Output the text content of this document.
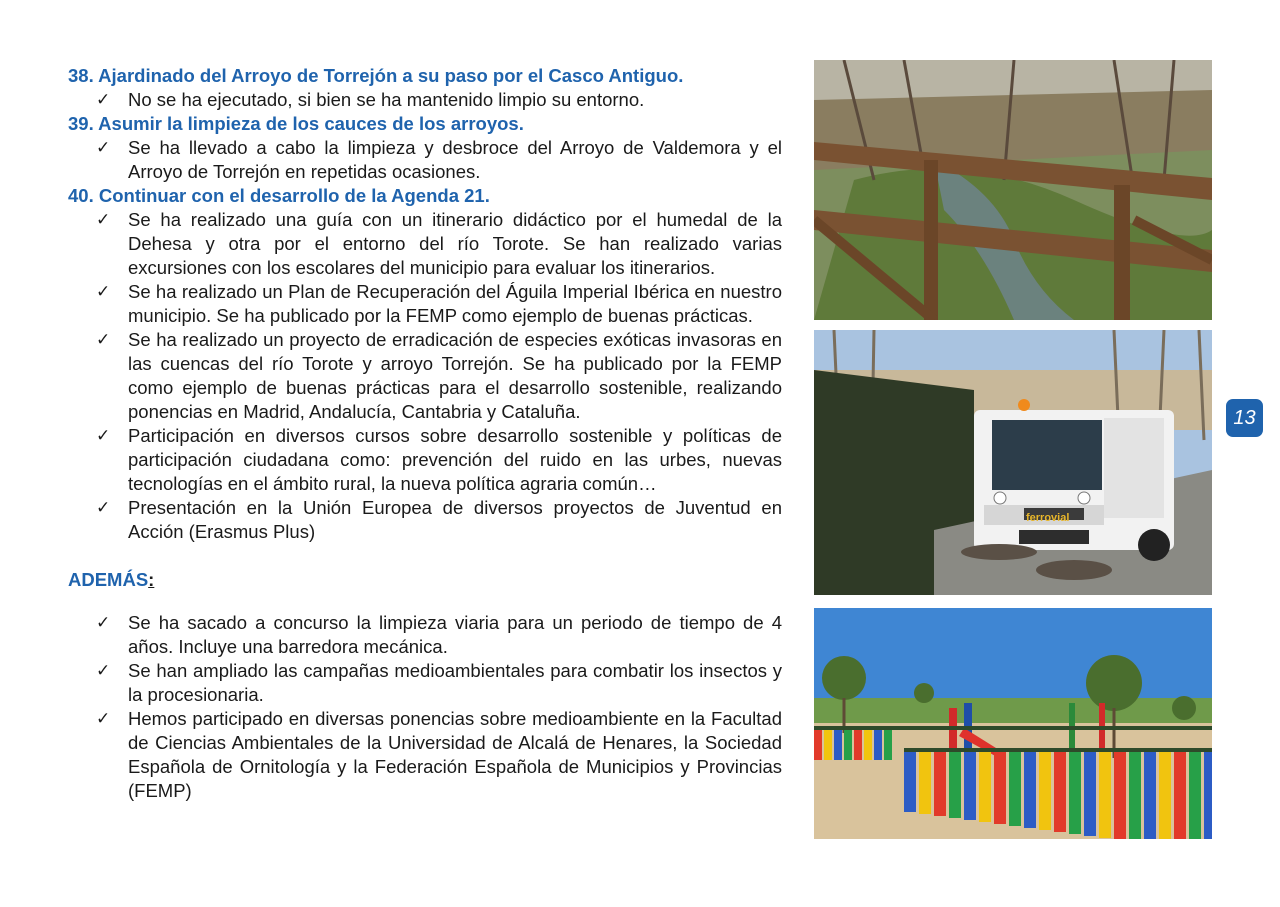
38. Ajardinado del Arroyo de Torrejón a su paso por el Casco Antiguo.

✓ No se ha ejecutado, si bien se ha mantenido limpio su entorno.

39. Asumir la limpieza de los cauces de los arroyos.

✓ Se ha llevado a cabo la limpieza y desbroce del Arroyo de Valdemora y el Arroyo de Torrejón en repetidas ocasiones.

40. Continuar con el desarrollo de la Agenda 21.

✓ Se ha realizado una guía con un itinerario didáctico por el humedal de la Dehesa y otra por el entorno del río Torote. Se han realizado varias excursiones con los escolares del municipio para evaluar los itinerarios.
✓ Se ha realizado un Plan de Recuperación del Águila Imperial Ibérica en nuestro municipio. Se ha publicado por la FEMP como ejemplo de buenas prácticas.
✓ Se ha realizado un proyecto de erradicación de especies exóticas invasoras en las cuencas del río Torote y arroyo Torrejón. Se ha publicado por la FEMP como ejemplo de buenas prácticas para el desarrollo sostenible, realizando ponencias en Madrid, Andalucía, Cantabria y Cataluña.
✓ Participación en diversos cursos sobre desarrollo sostenible y políticas de participación ciudadana como: prevención del ruido en las urbes, nuevas tecnologías en el ámbito rural, la nueva política agraria común…
✓ Presentación en la Unión Europea de diversos proyectos de Juventud en Acción (Erasmus Plus)

ADEMÁS:

✓ Se ha sacado a concurso la limpieza viaria para un periodo de tiempo de 4 años. Incluye una barredora mecánica.
✓ Se han ampliado las campañas medioambientales para combatir los insectos y la procesionaria.
✓ Hemos participado en diversas ponencias sobre medioambiente en la Facultad de Ciencias Ambientales de la Universidad de Alcalá de Henares, la Sociedad Española de Ornitología y la Federación Española de Municipios y Provincias (FEMP)
ferrovial
13
